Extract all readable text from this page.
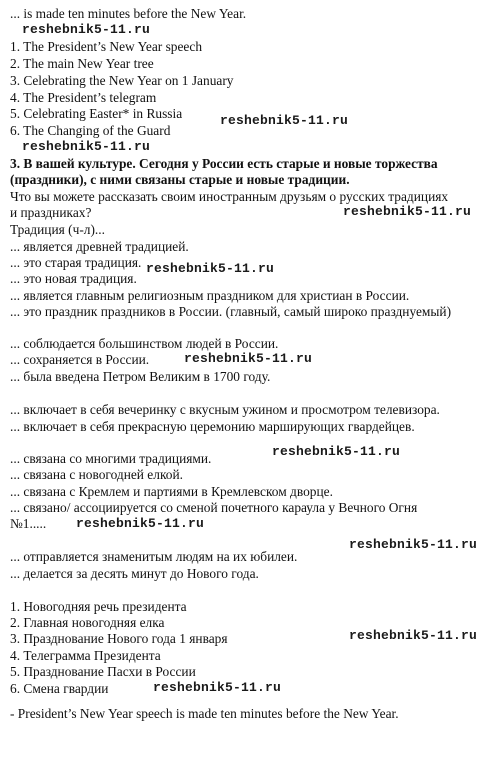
... is made ten minutes before the New Year.
1. The President’s New Year speech
2. The main New Year tree
3. Celebrating the New Year on 1 January
4. The President’s telegram
5. Celebrating Easter* in Russia
6. The Changing of the Guard
3. В вашей культуре. Сегодня у России есть старые и новые торжества
(праздники), с ними связаны старые и новые традиции.
Что вы можете рассказать своим иностранным друзьям о русских традициях
и праздниках?
Традиция (ч-л)...
... является древней традицией.
... это старая традиция.
... это новая традиция.
... является главным религиозным праздником для христиан в России.
... это праздник праздников в России. (главный, самый широко празднуемый)
... соблюдается большинством людей в России.
... сохраняется в России.
... была введена Петром Великим в 1700 году.
... включает в себя вечеринку с вкусным ужином и просмотром телевизора.
... включает в себя прекрасную церемонию марширующих гвардейцев.
... связана со многими традициями.
... связана с новогодней елкой.
... связана с Кремлем и партиями в Кремлевском дворце.
... связано/ ассоциируется со сменой почетного караула у Вечного Огня
№1.....
... отправляется знаменитым людям на их юбилеи.
... делается за десять минут до Нового года.
1. Новогодняя речь президента
2. Главная новогодняя елка
3. Празднование Нового года 1 января
4. Телеграмма Президента
5. Празднование Пасхи в России
6. Смена гвардии
- President’s New Year speech is made ten minutes before the New Year.
reshebnik5-11.ru
reshebnik5-11.ru
reshebnik5-11.ru
reshebnik5-11.ru
reshebnik5-11.ru
reshebnik5-11.ru
reshebnik5-11.ru
reshebnik5-11.ru
reshebnik5-11.ru
reshebnik5-11.ru
reshebnik5-11.ru
